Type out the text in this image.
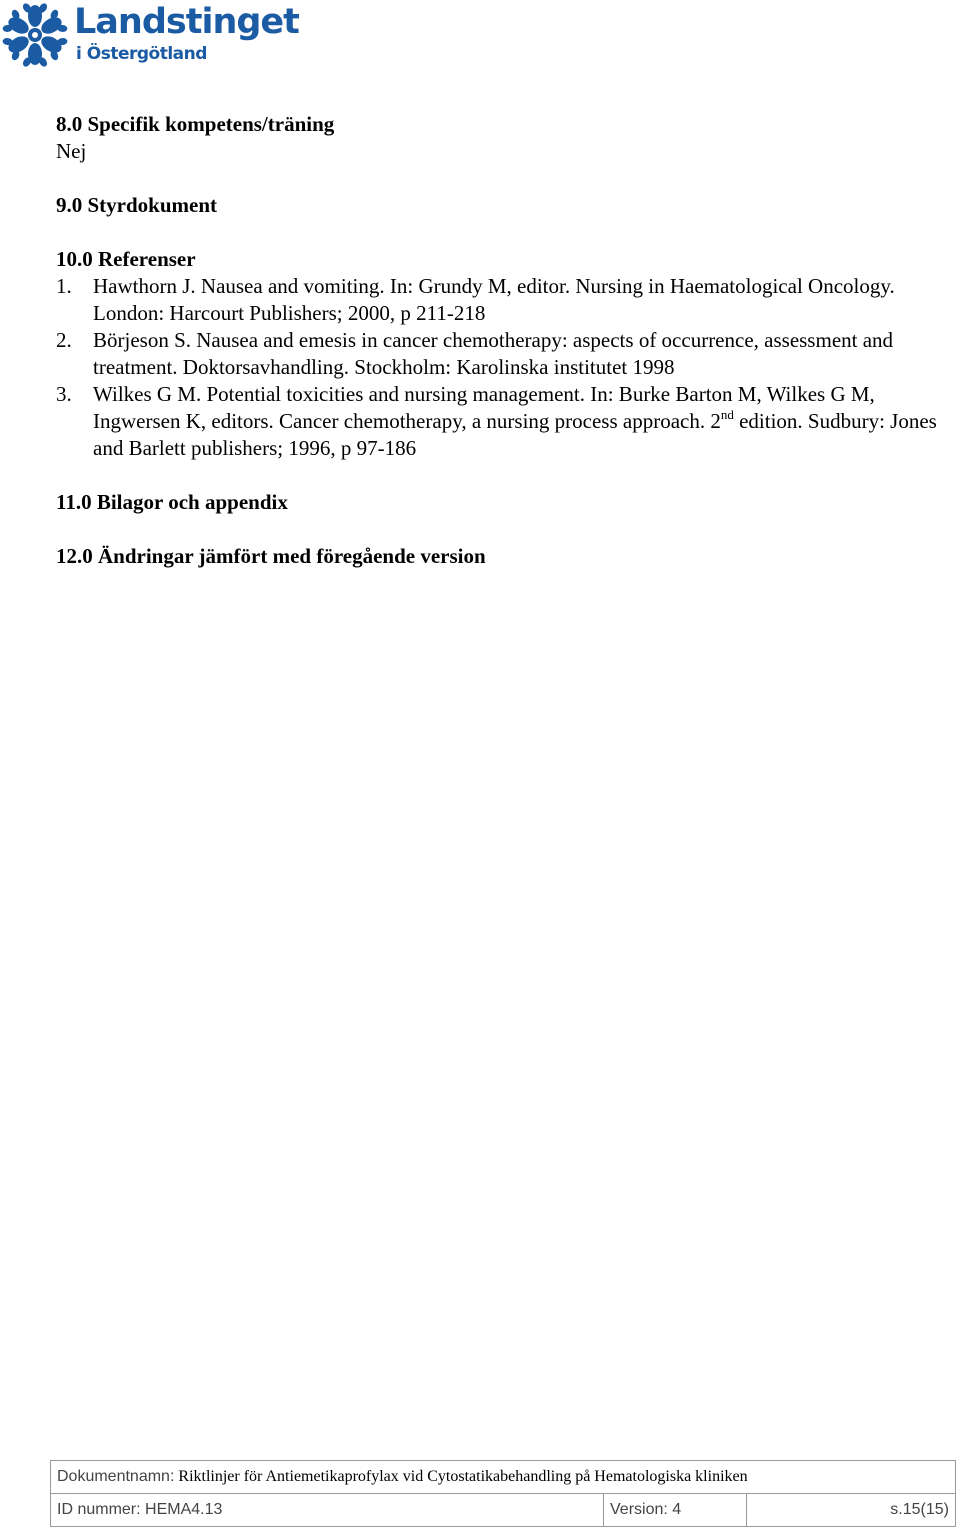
Landstinget
i Östergötland
8.0 Specifik kompetens/träning
Nej
9.0 Styrdokument
10.0 Referenser
1.	Hawthorn J. Nausea and vomiting. In: Grundy M, editor. Nursing in Haematological Oncology. London: Harcourt Publishers; 2000, p 211-218
2.	Börjeson S. Nausea and emesis in cancer chemotherapy: aspects of occurrence, assessment and treatment. Doktorsavhandling. Stockholm: Karolinska institutet 1998
3.	Wilkes G M. Potential toxicities and nursing management. In: Burke Barton M, Wilkes G M, Ingwersen K, editors. Cancer chemotherapy, a nursing process approach. 2nd edition. Sudbury: Jones and Barlett publishers; 1996, p 97-186
11.0 Bilagor och appendix
12.0 Ändringar jämfört med föregående version
Dokumentnamn: Riktlinjer för Antiemetikaprofylax vid Cytostatikabehandling på Hematologiska kliniken
ID nummer: HEMA4.13	Version: 4	s.15(15)
